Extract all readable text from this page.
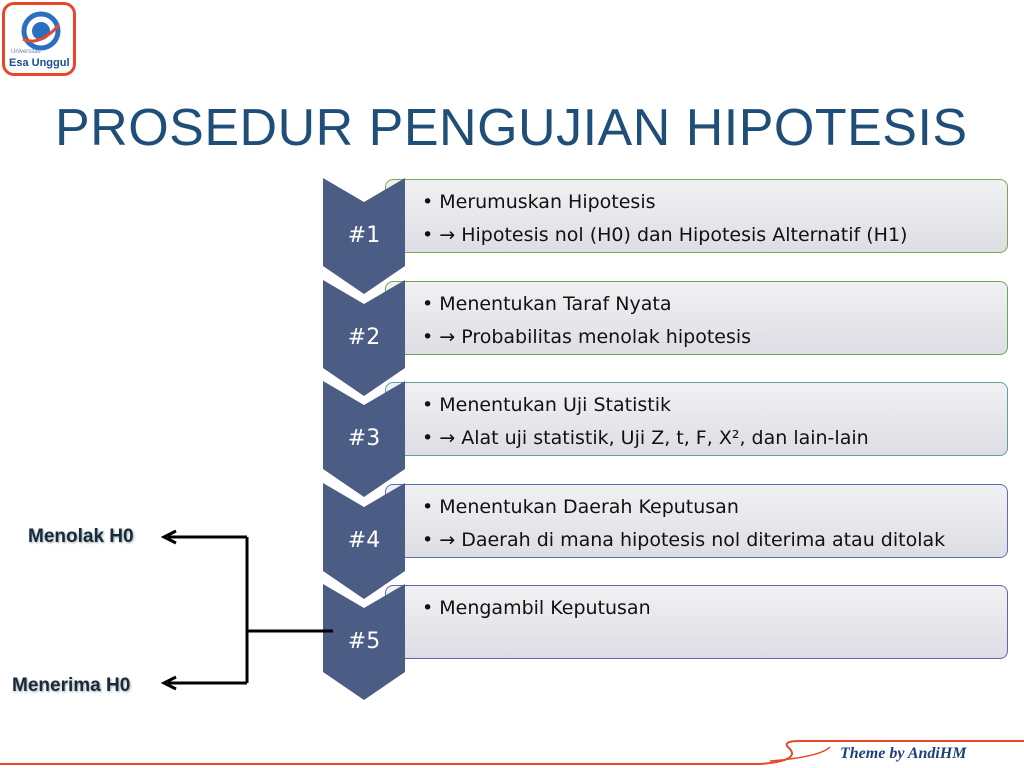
Universitas
Esa Unggul
PROSEDUR PENGUJIAN HIPOTESIS
• Merumuskan Hipotesis
• → Hipotesis nol (H0) dan Hipotesis Alternatif (H1)
• Menentukan Taraf Nyata
• → Probabilitas menolak hipotesis
• Menentukan Uji Statistik
• → Alat uji statistik, Uji Z, t, F, X², dan lain-lain
• Menentukan Daerah Keputusan
• → Daerah di mana hipotesis nol diterima atau ditolak
• Mengambil Keputusan
#1
#2
#3
#4
#5
Menolak H0
Menerima H0
Theme by AndiHM
